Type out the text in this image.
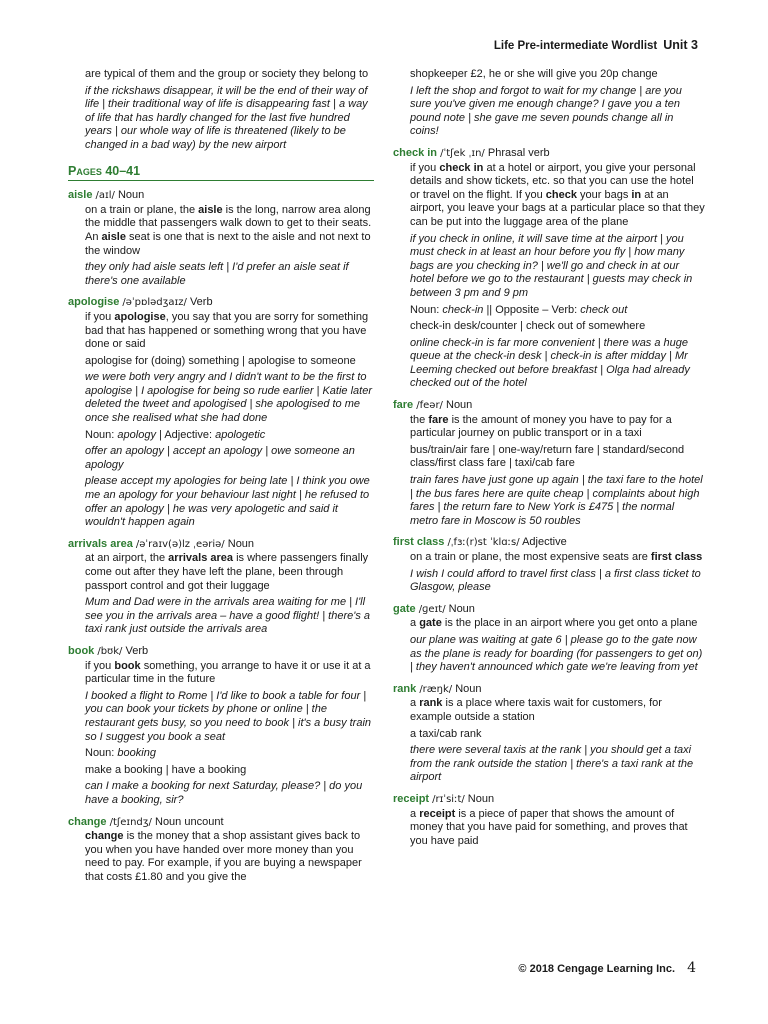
Life Pre-intermediate Wordlist Unit 3

are typical of them and the group or society they belong to

if the rickshaws disappear, it will be the end of their way of life | their traditional way of life is disappearing fast | a way of life that has hardly changed for the last five hundred years | our whole way of life is threatened (likely to be changed in a bad way) by the new airport

Pages 40–41

aisle /aɪl/ Noun

on a train or plane, the aisle is the long, narrow area along the middle that passengers walk down to get to their seats. An aisle seat is one that is next to the aisle and not next to the window

they only had aisle seats left | I'd prefer an aisle seat if there's one available

apologise /əˈpɒlədʒaɪz/ Verb

if you apologise, you say that you are sorry for something bad that has happened or something wrong that you have done or said

apologise for (doing) something | apologise to someone

we were both very angry and I didn't want to be the first to apologise | I apologise for being so rude earlier | Katie later deleted the tweet and apologised | she apologised to me once she realised what she had done

Noun: apology | Adjective: apologetic

offer an apology | accept an apology | owe someone an apology

please accept my apologies for being late | I think you owe me an apology for your behaviour last night | he refused to offer an apology | he was very apologetic and said it wouldn't happen again

arrivals area /əˈraɪv(ə)lz ˌeəriə/ Noun

at an airport, the arrivals area is where passengers finally come out after they have left the plane, been through passport control and got their luggage

Mum and Dad were in the arrivals area waiting for me | I'll see you in the arrivals area – have a good flight! | there's a taxi rank just outside the arrivals area

book /bʊk/ Verb

if you book something, you arrange to have it or use it at a particular time in the future

I booked a flight to Rome | I'd like to book a table for four | you can book your tickets by phone or online | the restaurant gets busy, so you need to book | it's a busy train so I suggest you book a seat

Noun: booking

make a booking | have a booking

can I make a booking for next Saturday, please? | do you have a booking, sir?

change /tʃeɪndʒ/ Noun uncount

change is the money that a shop assistant gives back to you when you have handed over more money than you need to pay. For example, if you are buying a newspaper that costs £1.80 and you give the

shopkeeper £2, he or she will give you 20p change

I left the shop and forgot to wait for my change | are you sure you've given me enough change? I gave you a ten pound note | she gave me seven pounds change all in coins!

check in /ˈtʃek ˌɪn/ Phrasal verb

if you check in at a hotel or airport, you give your personal details and show tickets, etc. so that you can use the hotel or travel on the flight. If you check your bags in at an airport, you leave your bags at a particular place so that they can be put into the luggage area of the plane

if you check in online, it will save time at the airport | you must check in at least an hour before you fly | how many bags are you checking in? | we'll go and check in at our hotel before we go to the restaurant | guests may check in between 3 pm and 9 pm

Noun: check-in || Opposite – Verb: check out

check-in desk/counter | check out of somewhere

online check-in is far more convenient | there was a huge queue at the check-in desk | check-in is after midday | Mr Leeming checked out before breakfast | Olga had already checked out of the hotel

fare /feər/ Noun

the fare is the amount of money you have to pay for a particular journey on public transport or in a taxi

bus/train/air fare | one-way/return fare | standard/second class/first class fare | taxi/cab fare

train fares have just gone up again | the taxi fare to the hotel | the bus fares here are quite cheap | complaints about high fares | the return fare to New York is £475 | the normal metro fare in Moscow is 50 roubles

first class /ˌfɜː(r)st ˈklɑːs/ Adjective

on a train or plane, the most expensive seats are first class

I wish I could afford to travel first class | a first class ticket to Glasgow, please

gate /ɡeɪt/ Noun

a gate is the place in an airport where you get onto a plane

our plane was waiting at gate 6 | please go to the gate now as the plane is ready for boarding (for passengers to get on) | they haven't announced which gate we're leaving from yet

rank /ræŋk/ Noun

a rank is a place where taxis wait for customers, for example outside a station

a taxi/cab rank

there were several taxis at the rank | you should get a taxi from the rank outside the station | there's a taxi rank at the airport

receipt /rɪˈsiːt/ Noun

a receipt is a piece of paper that shows the amount of money that you have paid for something, and proves that you have paid

© 2018 Cengage Learning Inc. 4
